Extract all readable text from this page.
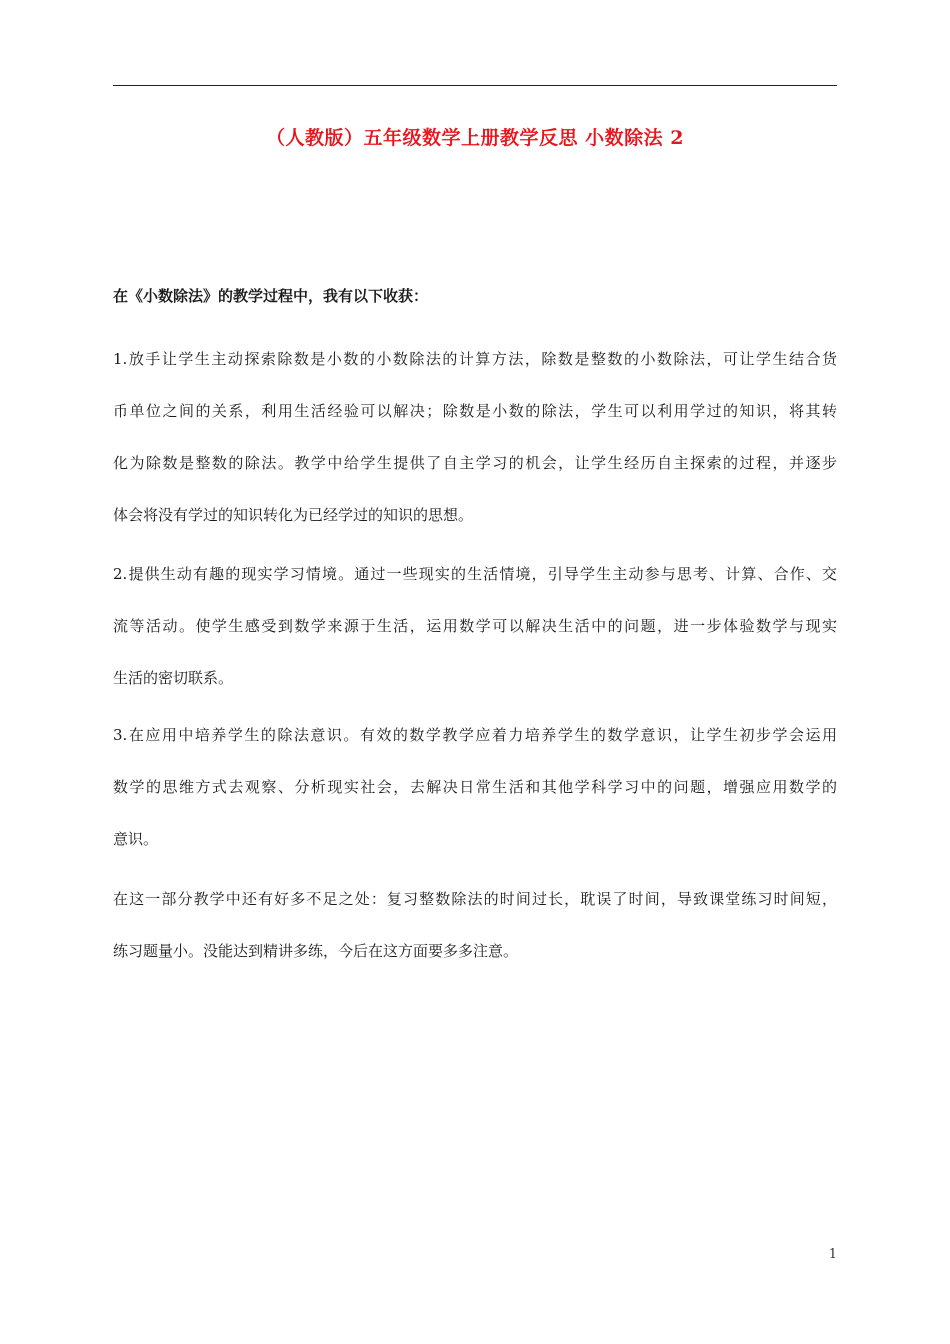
（人教版）五年级数学上册教学反思 小数除法 2
在《小数除法》的教学过程中，我有以下收获：
1.放手让学生主动探索除数是小数的小数除法的计算方法，除数是整数的小数除法，可让学生结合货
币单位之间的关系，利用生活经验可以解决；除数是小数的除法，学生可以利用学过的知识，将其转
化为除数是整数的除法。教学中给学生提供了自主学习的机会，让学生经历自主探索的过程，并逐步
体会将没有学过的知识转化为已经学过的知识的思想。
2.提供生动有趣的现实学习情境。通过一些现实的生活情境，引导学生主动参与思考、计算、合作、交
流等活动。使学生感受到数学来源于生活，运用数学可以解决生活中的问题，进一步体验数学与现实
生活的密切联系。
3.在应用中培养学生的除法意识。有效的数学教学应着力培养学生的数学意识，让学生初步学会运用
数学的思维方式去观察、分析现实社会，去解决日常生活和其他学科学习中的问题，增强应用数学的
意识。
在这一部分教学中还有好多不足之处：复习整数除法的时间过长，耽误了时间，导致课堂练习时间短，
练习题量小。没能达到精讲多练，今后在这方面要多多注意。
1
